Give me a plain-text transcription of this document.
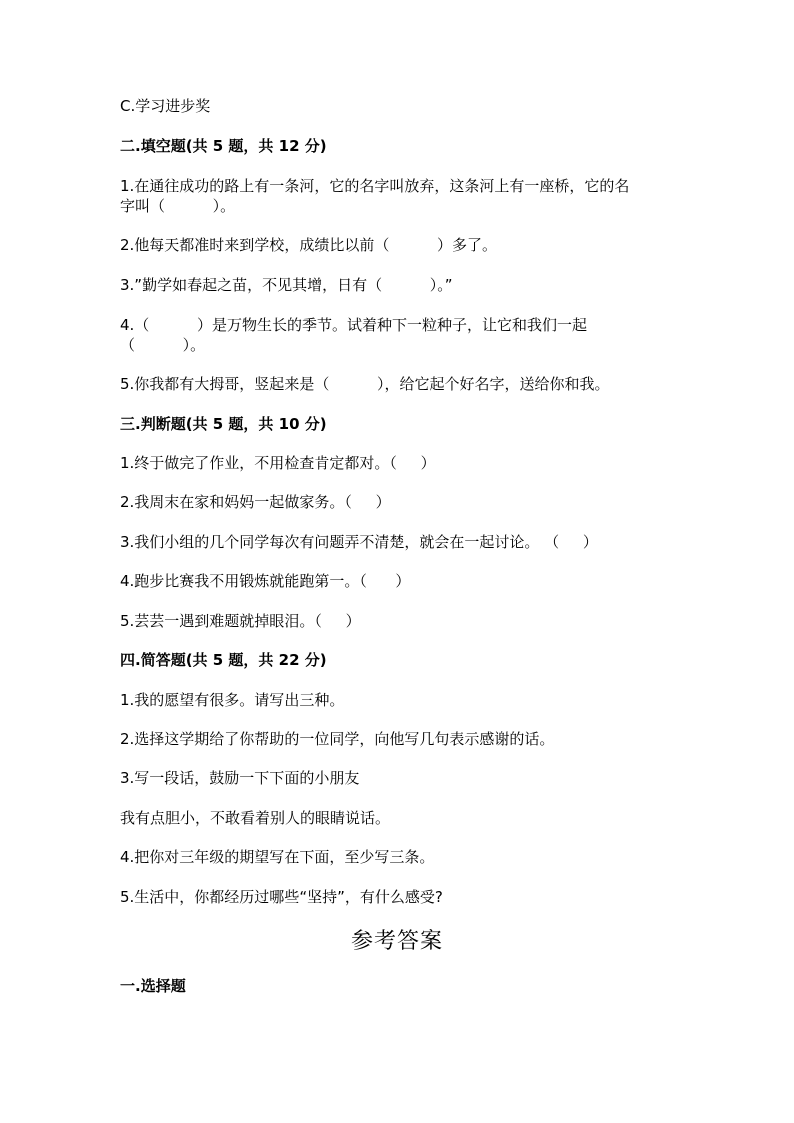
C.学习进步奖
二.填空题(共 5 题，共 12 分)
1.在通往成功的路上有一条河，它的名字叫放弃，这条河上有一座桥，它的名
字叫（          ）。
2.他每天都准时来到学校，成绩比以前（          ）多了。
3.”勤学如春起之苗，不见其增，日有（          ）。”
4.（          ）是万物生长的季节。试着种下一粒种子，让它和我们一起
（          ）。
5.你我都有大拇哥，竖起来是（          ），给它起个好名字，送给你和我。
三.判断题(共 5 题，共 10 分)
1.终于做完了作业，不用检查肯定都对。（     ）
2.我周末在家和妈妈一起做家务。（     ）
3.我们小组的几个同学每次有问题弄不清楚，就会在一起讨论。 （     ）
4.跑步比赛我不用锻炼就能跑第一。（      ）
5.芸芸一遇到难题就掉眼泪。（     ）
四.简答题(共 5 题，共 22 分)
1.我的愿望有很多。请写出三种。
2.选择这学期给了你帮助的一位同学，向他写几句表示感谢的话。
3.写一段话，鼓励一下下面的小朋友
我有点胆小，不敢看着别人的眼睛说话。
4.把你对三年级的期望写在下面，至少写三条。
5.生活中，你都经历过哪些“坚持”，有什么感受?
参考答案
一.选择题
